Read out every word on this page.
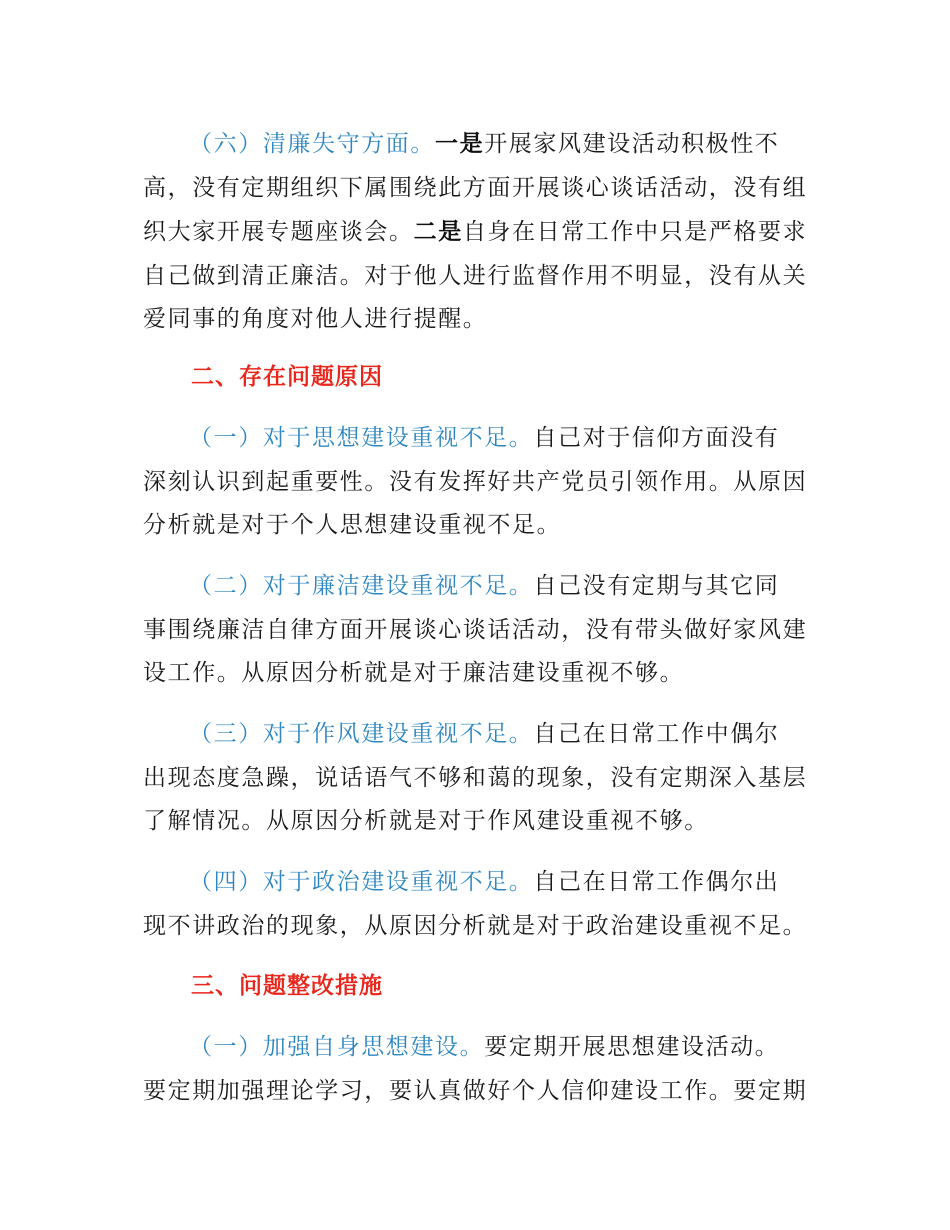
（六）清廉失守方面。一是开展家风建设活动积极性不
高，没有定期组织下属围绕此方面开展谈心谈话活动，没有组
织大家开展专题座谈会。二是自身在日常工作中只是严格要求
自己做到清正廉洁。对于他人进行监督作用不明显，没有从关
爱同事的角度对他人进行提醒。

二、存在问题原因

（一）对于思想建设重视不足。自己对于信仰方面没有
深刻认识到起重要性。没有发挥好共产党员引领作用。从原因
分析就是对于个人思想建设重视不足。

（二）对于廉洁建设重视不足。自己没有定期与其它同
事围绕廉洁自律方面开展谈心谈话活动，没有带头做好家风建
设工作。从原因分析就是对于廉洁建设重视不够。

（三）对于作风建设重视不足。自己在日常工作中偶尔
出现态度急躁，说话语气不够和蔼的现象，没有定期深入基层
了解情况。从原因分析就是对于作风建设重视不够。

（四）对于政治建设重视不足。自己在日常工作偶尔出
现不讲政治的现象，从原因分析就是对于政治建设重视不足。

三、问题整改措施

（一）加强自身思想建设。要定期开展思想建设活动。
要定期加强理论学习，要认真做好个人信仰建设工作。要定期
